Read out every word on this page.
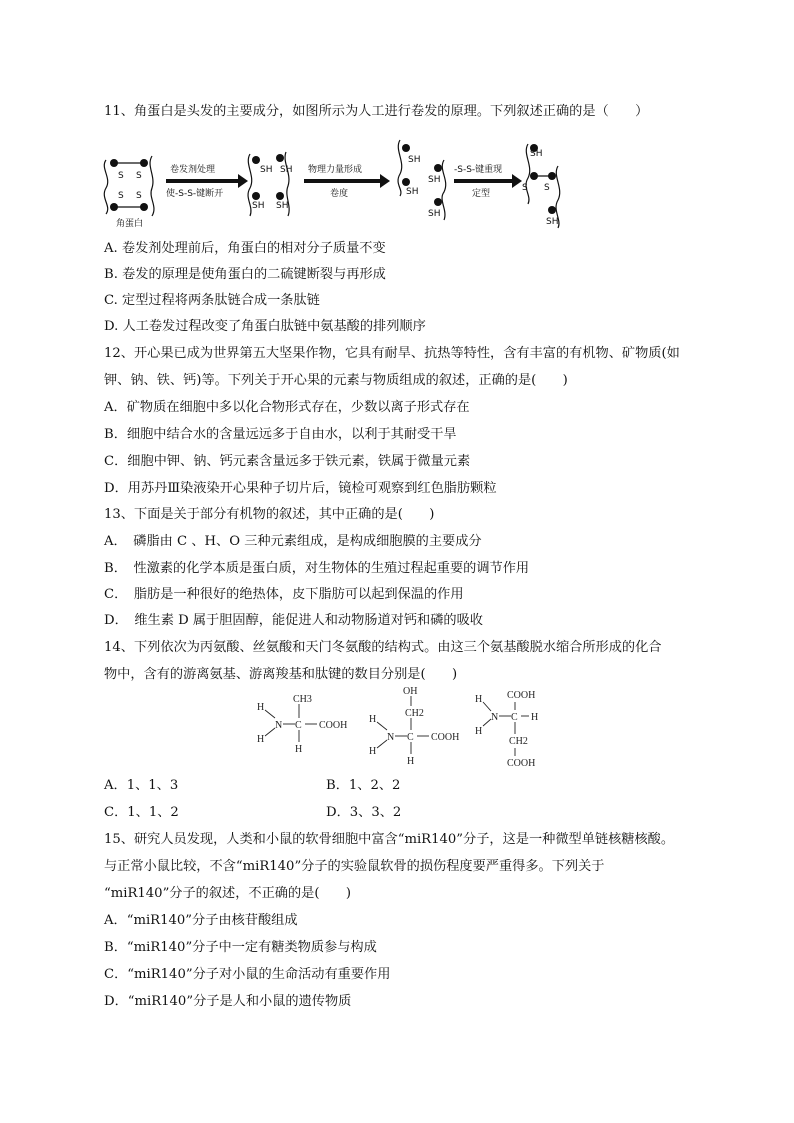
11、角蛋白是头发的主要成分，如图所示为人工进行卷发的原理。下列叙述正确的是（　　）
S S
S S
角蛋白
SH SH
SH SH
SH
SH
SH
SH
SH
S
S
SH
卷发剂处理
使-S-S-键断开
物理力量形成
卷度
-S-S-键重现
定型
A. 卷发剂处理前后，角蛋白的相对分子质量不变
B. 卷发的原理是使角蛋白的二硫键断裂与再形成
C. 定型过程将两条肽链合成一条肽链
D. 人工卷发过程改变了角蛋白肽链中氨基酸的排列顺序
12、开心果已成为世界第五大坚果作物，它具有耐旱、抗热等特性，含有丰富的有机物、矿物质(如
钾、钠、铁、钙)等。下列关于开心果的元素与物质组成的叙述，正确的是(　　)
A．矿物质在细胞中多以化合物形式存在，少数以离子形式存在
B．细胞中结合水的含量远远多于自由水，以利于其耐受干旱
C．细胞中钾、钠、钙元素含量远多于铁元素，铁属于微量元素
D．用苏丹Ⅲ染液染开心果种子切片后，镜检可观察到红色脂肪颗粒
13、下面是关于部分有机物的叙述，其中正确的是(　　)
A．　磷脂由 C 、H、O 三种元素组成，是构成细胞膜的主要成分
B．　性激素的化学本质是蛋白质，对生物体的生殖过程起重要的调节作用
C．　脂肪是一种很好的绝热体，皮下脂肪可以起到保温的作用
D．　维生素 D 属于胆固醇，能促进人和动物肠道对钙和磷的吸收
14、下列依次为丙氨酸、丝氨酸和天门冬氨酸的结构式。由这三个氨基酸脱水缩合所形成的化合
物中，含有的游离氨基、游离羧基和肽键的数目分别是(　　)
H
N
H
CH3
C
H
COOH
OH
CH2
H
N
H
C COOH
H
COOH
H
N
H
C H
CH2
COOH
A．1、1、3	B．1、2、2
C．1、1、2	D．3、3、2
15、研究人员发现，人类和小鼠的软骨细胞中富含“miR140”分子，这是一种微型单链核糖核酸。
与正常小鼠比较，不含“miR140”分子的实验鼠软骨的损伤程度要严重得多。下列关于
“miR140”分子的叙述，不正确的是(　　)
A．“miR140”分子由核苷酸组成
B．“miR140”分子中一定有糖类物质参与构成
C．“miR140”分子对小鼠的生命活动有重要作用
D．“miR140”分子是人和小鼠的遗传物质
